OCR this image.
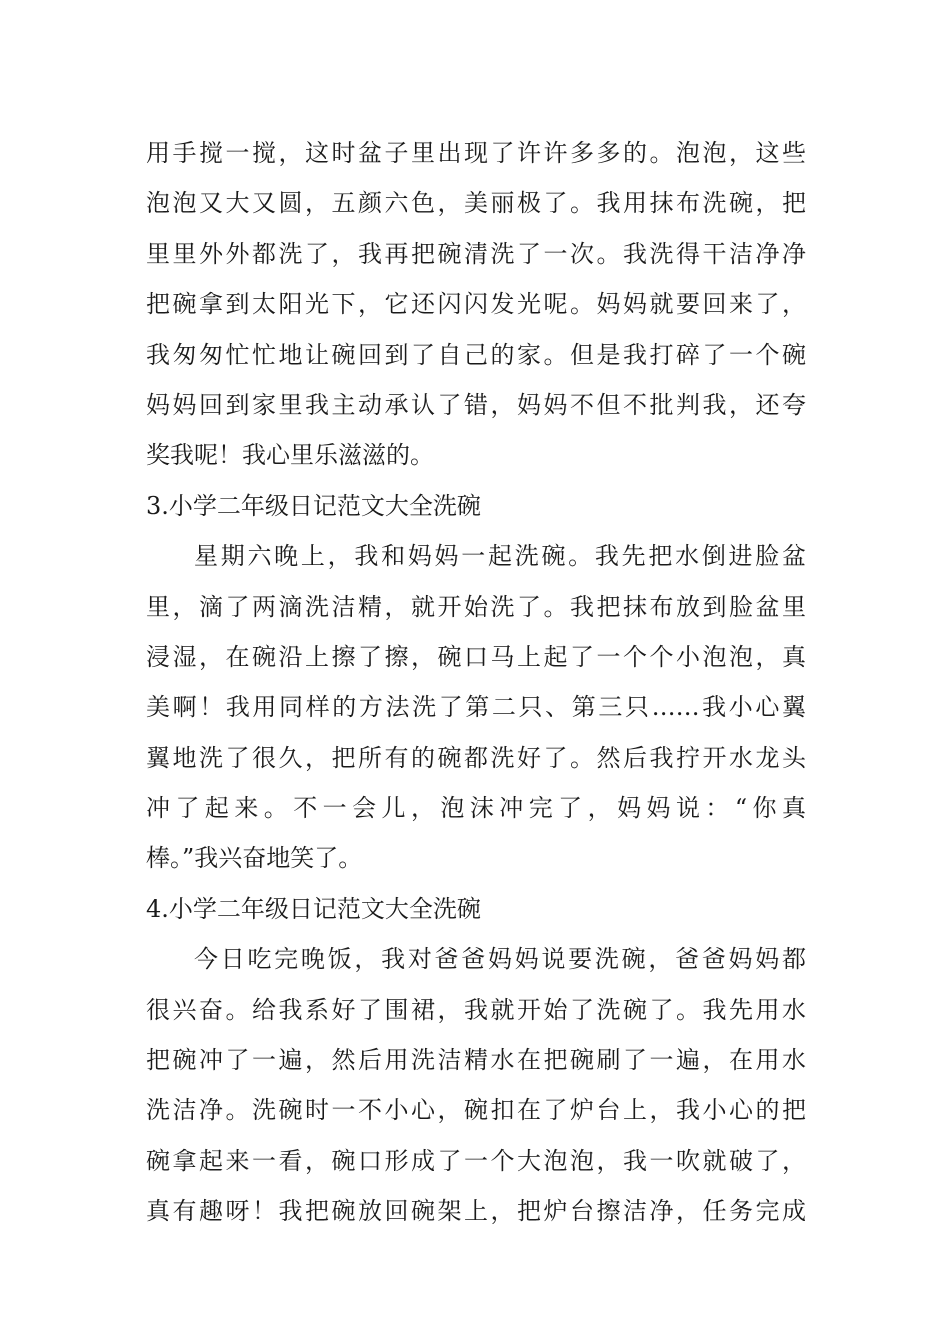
用手搅一搅，这时盆子里出现了许许多多的。泡泡，这些
泡泡又大又圆，五颜六色，美丽极了。我用抹布洗碗，把
里里外外都洗了，我再把碗清洗了一次。我洗得干洁净净
把碗拿到太阳光下，它还闪闪发光呢。妈妈就要回来了，
我匆匆忙忙地让碗回到了自己的家。但是我打碎了一个碗
妈妈回到家里我主动承认了错，妈妈不但不批判我，还夸
奖我呢！我心里乐滋滋的。
3.小学二年级日记范文大全洗碗
星期六晚上，我和妈妈一起洗碗。我先把水倒进脸盆
里，滴了两滴洗洁精，就开始洗了。我把抹布放到脸盆里
浸湿，在碗沿上擦了擦，碗口马上起了一个个小泡泡，真
美啊！我用同样的方法洗了第二只、第三只……我小心翼
翼地洗了很久，把所有的碗都洗好了。然后我拧开水龙头
冲了起来。不一会儿，泡沫冲完了，妈妈说：“你真
棒。”我兴奋地笑了。
4.小学二年级日记范文大全洗碗
今日吃完晚饭，我对爸爸妈妈说要洗碗，爸爸妈妈都
很兴奋。给我系好了围裙，我就开始了洗碗了。我先用水
把碗冲了一遍，然后用洗洁精水在把碗刷了一遍，在用水
洗洁净。洗碗时一不小心，碗扣在了炉台上，我小心的把
碗拿起来一看，碗口形成了一个大泡泡，我一吹就破了，
真有趣呀！我把碗放回碗架上，把炉台擦洁净，任务完成
